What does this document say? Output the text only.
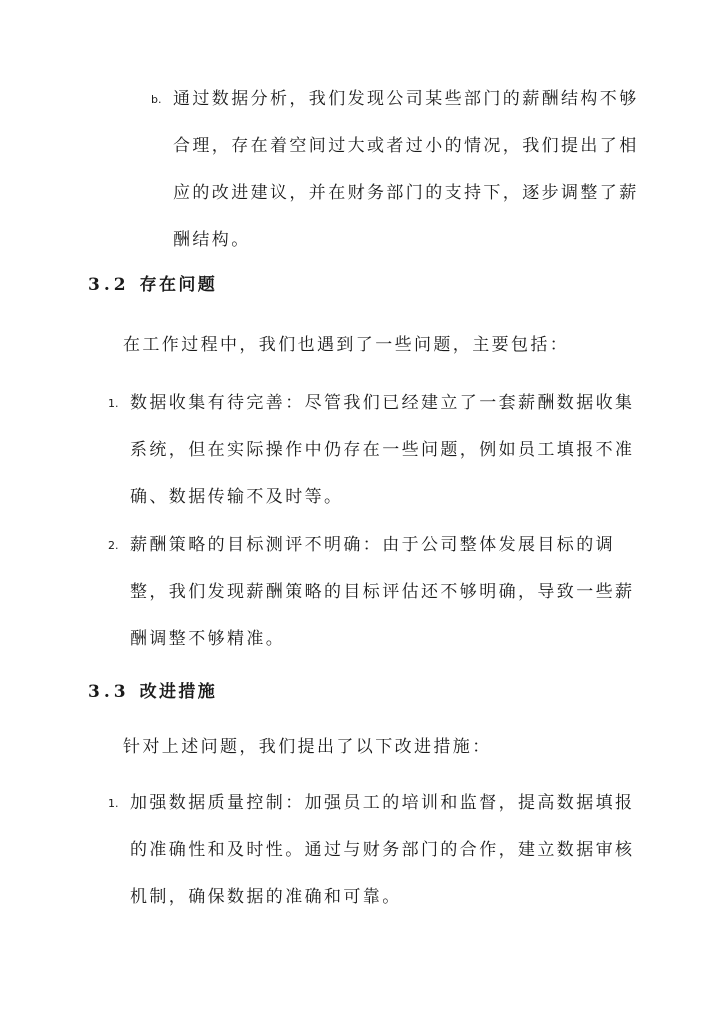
b. 通过数据分析，我们发现公司某些部门的薪酬结构不够合理，存在着空间过大或者过小的情况，我们提出了相应的改进建议，并在财务部门的支持下，逐步调整了薪酬结构。
3.2 存在问题
在工作过程中，我们也遇到了一些问题，主要包括：
1. 数据收集有待完善：尽管我们已经建立了一套薪酬数据收集系统，但在实际操作中仍存在一些问题，例如员工填报不准确、数据传输不及时等。
2. 薪酬策略的目标测评不明确：由于公司整体发展目标的调整，我们发现薪酬策略的目标评估还不够明确，导致一些薪酬调整不够精准。
3.3 改进措施
针对上述问题，我们提出了以下改进措施：
1. 加强数据质量控制：加强员工的培训和监督，提高数据填报的准确性和及时性。通过与财务部门的合作，建立数据审核机制，确保数据的准确和可靠。
